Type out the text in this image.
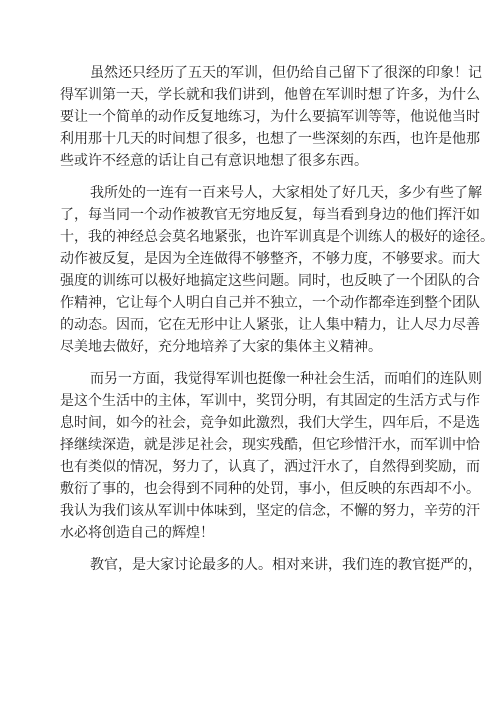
虽然还只经历了五天的军训，但仍给自己留下了很深的印象！记
得军训第一天，学长就和我们讲到，他曾在军训时想了许多，为什么
要让一个简单的动作反复地练习，为什么要搞军训等等，他说他当时
利用那十几天的时间想了很多，也想了一些深刻的东西，也许是他那
些或许不经意的话让自己有意识地想了很多东西。
我所处的一连有一百来号人，大家相处了好几天，多少有些了解
了，每当同一个动作被教官无穷地反复，每当看到身边的他们挥汗如
十，我的神经总会莫名地紧张，也许军训真是个训练人的极好的途径。
动作被反复，是因为全连做得不够整齐，不够力度，不够要求。而大
强度的训练可以极好地搞定这些问题。同时，也反映了一个团队的合
作精神，它让每个人明白自己并不独立，一个动作都牵连到整个团队
的动态。因而，它在无形中让人紧张，让人集中精力，让人尽力尽善
尽美地去做好，充分地培养了大家的集体主义精神。
而另一方面，我觉得军训也挺像一种社会生活，而咱们的连队则
是这个生活中的主体，军训中，奖罚分明，有其固定的生活方式与作
息时间，如今的社会，竞争如此激烈，我们大学生，四年后，不是选
择继续深造，就是涉足社会，现实残酷，但它珍惜汗水，而军训中恰
也有类似的情况，努力了，认真了，洒过汗水了，自然得到奖励，而
敷衍了事的，也会得到不同种的处罚，事小，但反映的东西却不小。
我认为我们该从军训中体味到，坚定的信念，不懈的努力，辛劳的汗
水必将创造自己的辉煌！
教官，是大家讨论最多的人。相对来讲，我们连的教官挺严的，
